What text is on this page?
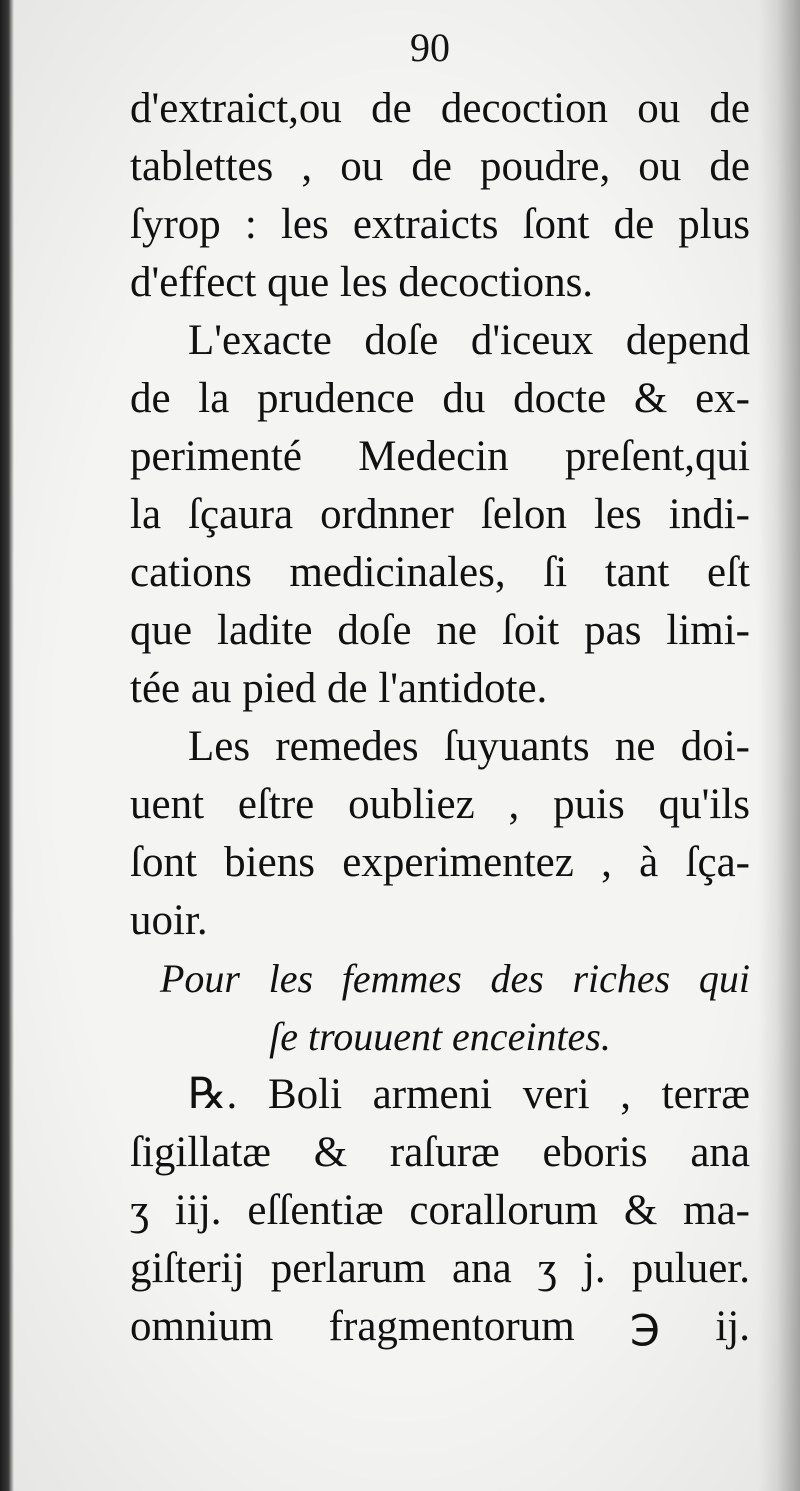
90
d'extraict,ou de decoction ou de
tablettes , ou de poudre, ou de
ſyrop : les extraicts ſont de plus
d'effect que les decoctions.
L'exacte doſe d'iceux depend
de la prudence du docte & ex-
perimenté Medecin preſent,qui
la ſçaura ordnner ſelon les indi-
cations medicinales, ſi tant eſt
que ladite doſe ne ſoit pas limi-
tée au pied de l'antidote.
Les remedes ſuyuants ne doi-
uent eſtre oubliez , puis qu'ils
ſont biens experimentez , à ſça-
uoir.
Pour les femmes des riches qui
ſe trouuent enceintes.
℞. Boli armeni veri , terræ
ſigillatæ & raſuræ eboris ana
ʒ iij. eſſentiæ corallorum & ma-
giſterij perlarum ana ʒ j. puluer.
omnium fragmentorum ℈ ij.
